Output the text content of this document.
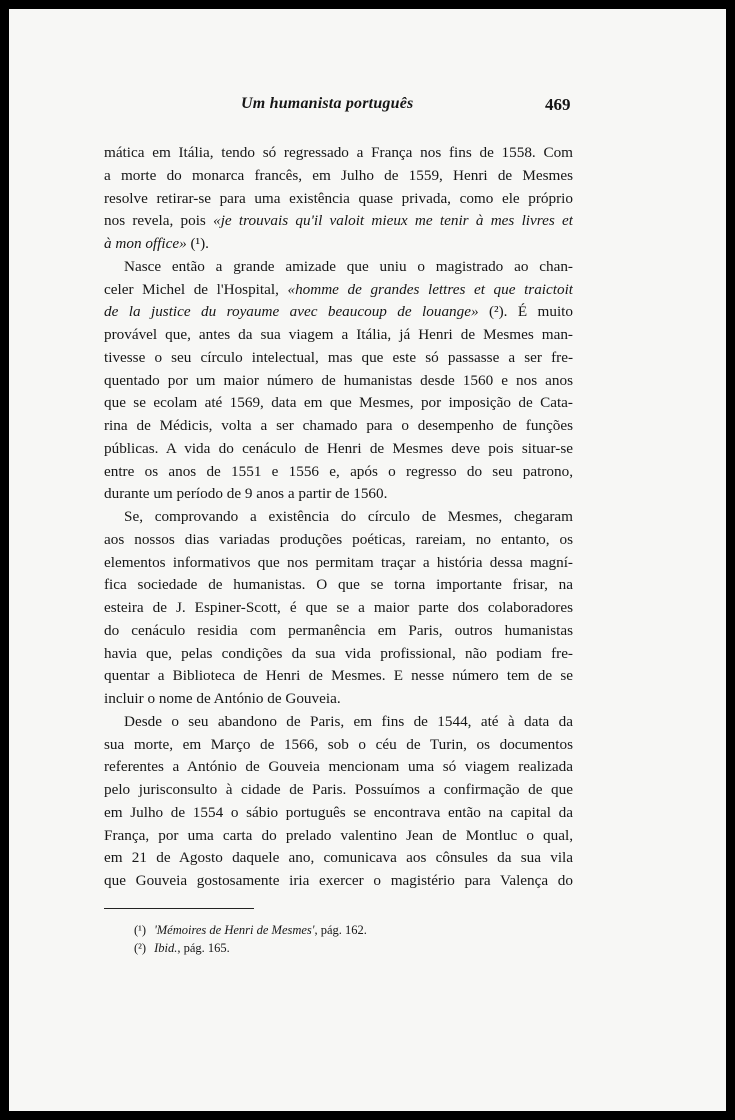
Um humanista português	469
mática em Itália, tendo só regressado a França nos fins de 1558. Com
a morte do monarca francês, em Julho de 1559, Henri de Mesmes
resolve retirar-se para uma existência quase privada, como ele próprio
nos revela, pois «je trouvais qu'il valoit mieux me tenir à mes livres et
à mon office» (¹).
Nasce então a grande amizade que uniu o magistrado ao chan-
celer Michel de l'Hospital, «homme de grandes lettres et que traictoit
de la justice du royaume avec beaucoup de louange» (²). É muito
provável que, antes da sua viagem a Itália, já Henri de Mesmes man-
tivesse o seu círculo intelectual, mas que este só passasse a ser fre-
quentado por um maior número de humanistas desde 1560 e nos anos
que se ecolam até 1569, data em que Mesmes, por imposição de Cata-
rina de Médicis, volta a ser chamado para o desempenho de funções
públicas. A vida do cenáculo de Henri de Mesmes deve pois situar-se
entre os anos de 1551 e 1556 e, após o regresso do seu patrono,
durante um período de 9 anos a partir de 1560.
Se, comprovando a existência do círculo de Mesmes, chegaram
aos nossos dias variadas produções poéticas, rareiam, no entanto, os
elementos informativos que nos permitam traçar a história dessa magní-
fica sociedade de humanistas. O que se torna importante frisar, na
esteira de J. Espiner-Scott, é que se a maior parte dos colaboradores
do cenáculo residia com permanência em Paris, outros humanistas
havia que, pelas condições da sua vida profissional, não podiam fre-
quentar a Biblioteca de Henri de Mesmes. E nesse número tem de se
incluir o nome de António de Gouveia.
Desde o seu abandono de Paris, em fins de 1544, até à data da
sua morte, em Março de 1566, sob o céu de Turin, os documentos
referentes a António de Gouveia mencionam uma só viagem realizada
pelo jurisconsulto à cidade de Paris. Possuímos a confirmação de que
em Julho de 1554 o sábio português se encontrava então na capital da
França, por uma carta do prelado valentino Jean de Montluc o qual,
em 21 de Agosto daquele ano, comunicava aos cônsules da sua vila
que Gouveia gostosamente iria exercer o magistério para Valença do
(¹) 'Mémoires de Henri de Mesmes', pág. 162.
(²) Ibid., pág. 165.
